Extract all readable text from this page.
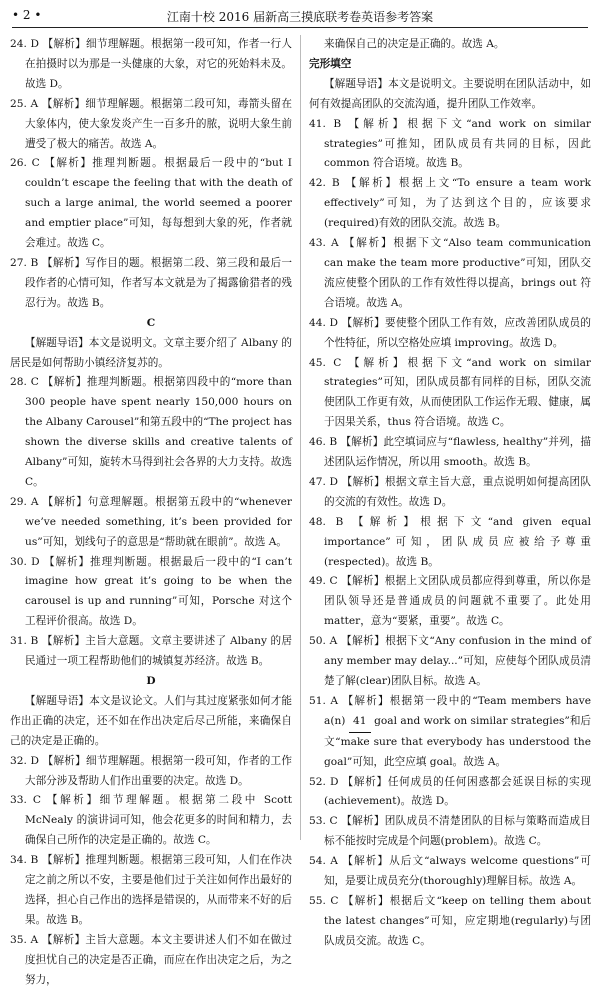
• 2 •	江南十校 2016 届新高三摸底联考卷英语参考答案

24. D 【解析】细节理解题。根据第一段可知，作者一行人在拍摄时以为那是一头健康的大象，对它的死始料未及。故选 D。

25. A 【解析】细节理解题。根据第二段可知，毒箭头留在大象体内，使大象发炎产生一百多升的脓，说明大象生前遭受了极大的痛苦。故选 A。

26. C 【解析】推理判断题。根据最后一段中的“but I couldn’t escape the feeling that with the death of such a large animal, the world seemed a poorer and emptier place”可知，每每想到大象的死，作者就会难过。故选 C。

27. B 【解析】写作目的题。根据第二段、第三段和最后一段作者的心情可知，作者写本文就是为了揭露偷猎者的残忍行为。故选 B。

C

【解题导语】本文是说明文。文章主要介绍了 Albany 的居民是如何帮助小镇经济复苏的。

28. C 【解析】推理判断题。根据第四段中的“more than 300 people have spent nearly 150,000 hours on the Albany Carousel”和第五段中的“The project has shown the diverse skills and creative talents of Albany”可知，旋转木马得到社会各界的大力支持。故选 C。

29. A 【解析】句意理解题。根据第五段中的“whenever we’ve needed something, it’s been provided for us”可知，划线句子的意思是“帮助就在眼前”。故选 A。

30. D 【解析】推理判断题。根据最后一段中的“I can’t imagine how great it’s going to be when the carousel is up and running”可知，Porsche 对这个工程评价很高。故选 D。

31. B 【解析】主旨大意题。文章主要讲述了 Albany 的居民通过一项工程帮助他们的城镇复苏经济。故选 B。

D

【解题导语】本文是议论文。人们与其过度紧张如何才能作出正确的决定，还不如在作出决定后尽己所能，来确保自己的决定是正确的。

32. D 【解析】细节理解题。根据第一段可知，作者的工作大部分涉及帮助人们作出重要的决定。故选 D。

33. C 【解析】细节理解题。根据第二段中 Scott McNealy 的演讲词可知，他会花更多的时间和精力，去确保自己所作的决定是正确的。故选 C。

34. B 【解析】推理判断题。根据第三段可知，人们在作决定之前之所以不安，主要是他们过于关注如何作出最好的选择，担心自己作出的选择是错误的，从而带来不好的后果。故选 B。

35. A 【解析】主旨大意题。本文主要讲述人们不如在做过度担忧自己的决定是否正确，而应在作出决定之后，为之努力，

来确保自己的决定是正确的。故选 A。

完形填空

【解题导语】本文是说明文。主要说明在团队活动中，如何有效提高团队的交流沟通，提升团队工作效率。

41. B 【解析】根据下文“and work on similar strategies”可推知，团队成员有共同的目标，因此 common 符合语境。故选 B。

42. B 【解析】根据上文“To ensure a team work effectively”可知，为了达到这个目的，应该要求(required)有效的团队交流。故选 B。

43. A 【解析】根据下文“Also team communication can make the team more productive”可知，团队交流应使整个团队的工作有效性得以提高，brings out 符合语境。故选 A。

44. D 【解析】要使整个团队工作有效，应改善团队成员的个性特征，所以空格处应填 improving。故选 D。

45. C 【解析】根据下文“and work on similar strategies”可知，团队成员都有同样的目标，团队交流使团队工作更有效，从而使团队工作运作无瑕、健康，属于因果关系，thus 符合语境。故选 C。

46. B 【解析】此空填词应与“flawless, healthy”并列，描述团队运作情况，所以用 smooth。故选 B。

47. D 【解析】根据文章主旨大意，重点说明如何提高团队的交流的有效性。故选 D。

48. B 【解析】根据下文“and given equal importance”可知，团队成员应被给予尊重(respected)。故选 B。

49. C 【解析】根据上文团队成员都应得到尊重，所以你是团队领导还是普通成员的问题就不重要了。此处用 matter，意为“要紧，重要”。故选 C。

50. A 【解析】根据下文“Any confusion in the mind of any member may delay...”可知，应使每个团队成员清楚了解(clear)团队目标。故选 A。

51. A 【解析】根据第一段中的“Team members have a(n) 41 goal and work on similar strategies”和后文“make sure that everybody has understood the goal”可知，此空应填 goal。故选 A。

52. D 【解析】任何成员的任何困惑都会延误目标的实现(achievement)。故选 D。

53. C 【解析】团队成员不清楚团队的目标与策略而造成目标不能按时完成是个问题(problem)。故选 C。

54. A 【解析】从后文“always welcome questions”可知，是要让成员充分(thoroughly)理解目标。故选 A。

55. C 【解析】根据后文“keep on telling them about the latest changes”可知，应定期地(regularly)与团队成员交流。故选 C。
